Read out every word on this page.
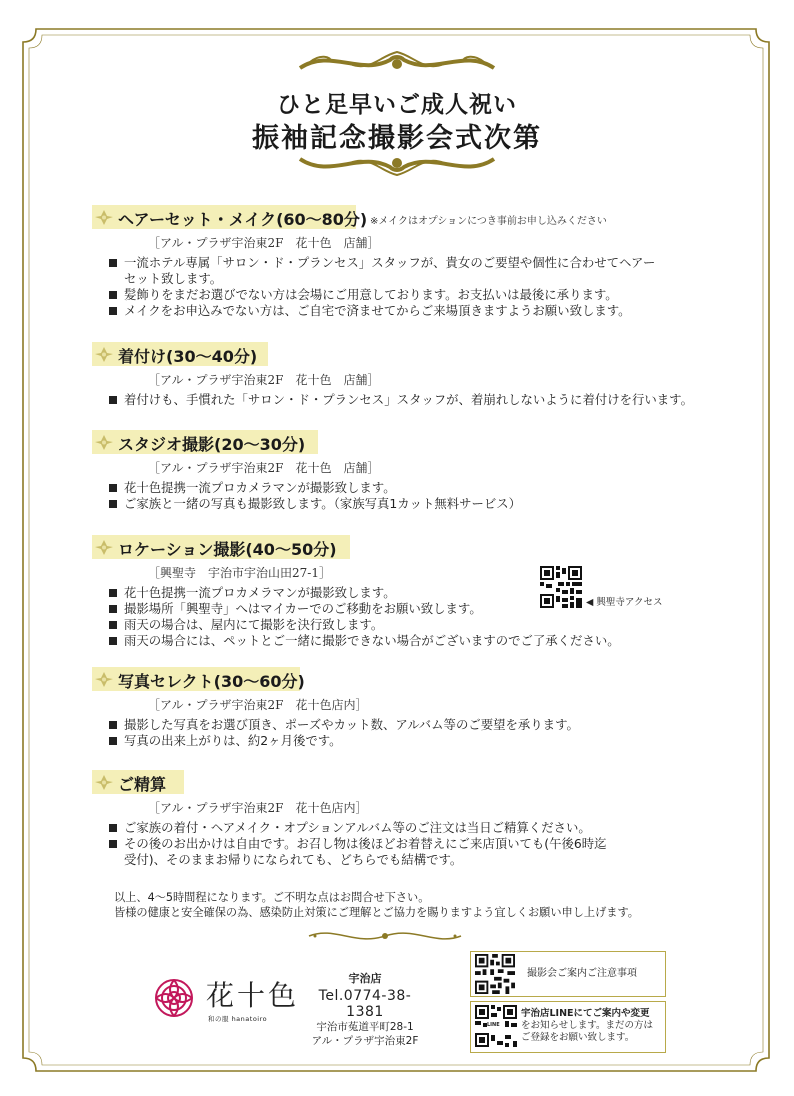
ひと足早いご成人祝い
振袖記念撮影会式次第
ヘアーセット・メイク(60〜80分) ※メイクはオプションにつき事前お申し込みください
［アル・プラザ宇治東2F　花十色　店舗］
一流ホテル専属「サロン・ド・プランセス」スタッフが、貴女のご要望や個性に合わせてヘアー
セット致します。
髪飾りをまだお選びでない方は会場にご用意しております。お支払いは最後に承ります。
メイクをお申込みでない方は、ご自宅で済ませてからご来場頂きますようお願い致します。
着付け(30〜40分)
［アル・プラザ宇治東2F　花十色　店舗］
着付けも、手慣れた「サロン・ド・プランセス」スタッフが、着崩れしないように着付けを行います。
スタジオ撮影(20〜30分)
［アル・プラザ宇治東2F　花十色　店舗］
花十色提携一流プロカメラマンが撮影致します。
ご家族と一緒の写真も撮影致します。（家族写真1カット無料サービス）
ロケーション撮影(40〜50分)
［興聖寺　宇治市宇治山田27-1］
花十色提携一流プロカメラマンが撮影致します。
撮影場所「興聖寺」へはマイカーでのご移動をお願い致します。
雨天の場合は、屋内にて撮影を決行致します。
雨天の場合には、ペットとご一緒に撮影できない場合がございますのでご了承ください。
◀ 興聖寺アクセス
写真セレクト(30〜60分)
［アル・プラザ宇治東2F　花十色店内］
撮影した写真をお選び頂き、ポーズやカット数、アルバム等のご要望を承ります。
写真の出来上がりは、約2ヶ月後です。
ご精算
［アル・プラザ宇治東2F　花十色店内］
ご家族の着付・ヘアメイク・オプションアルバム等のご注文は当日ご精算ください。
その後のお出かけは自由です。お召し物は後ほどお着替えにご来店頂いても(午後6時迄
受付)、そのままお帰りになられても、どちらでも結構です。
以上、4〜5時間程になります。ご不明な点はお問合せ下さい。
皆様の健康と安全確保の為、感染防止対策にご理解とご協力を賜りますよう宜しくお願い申し上げます。
花十色
和の服 hanatoiro
宇治店
Tel.0774-38-1381
宇治市菟道平町28-1
アル・プラザ宇治東2F
撮影会ご案内ご注意事項
LINE
宇治店LINEにてご案内や変更
をお知らせします。まだの方は
ご登録をお願い致します。
